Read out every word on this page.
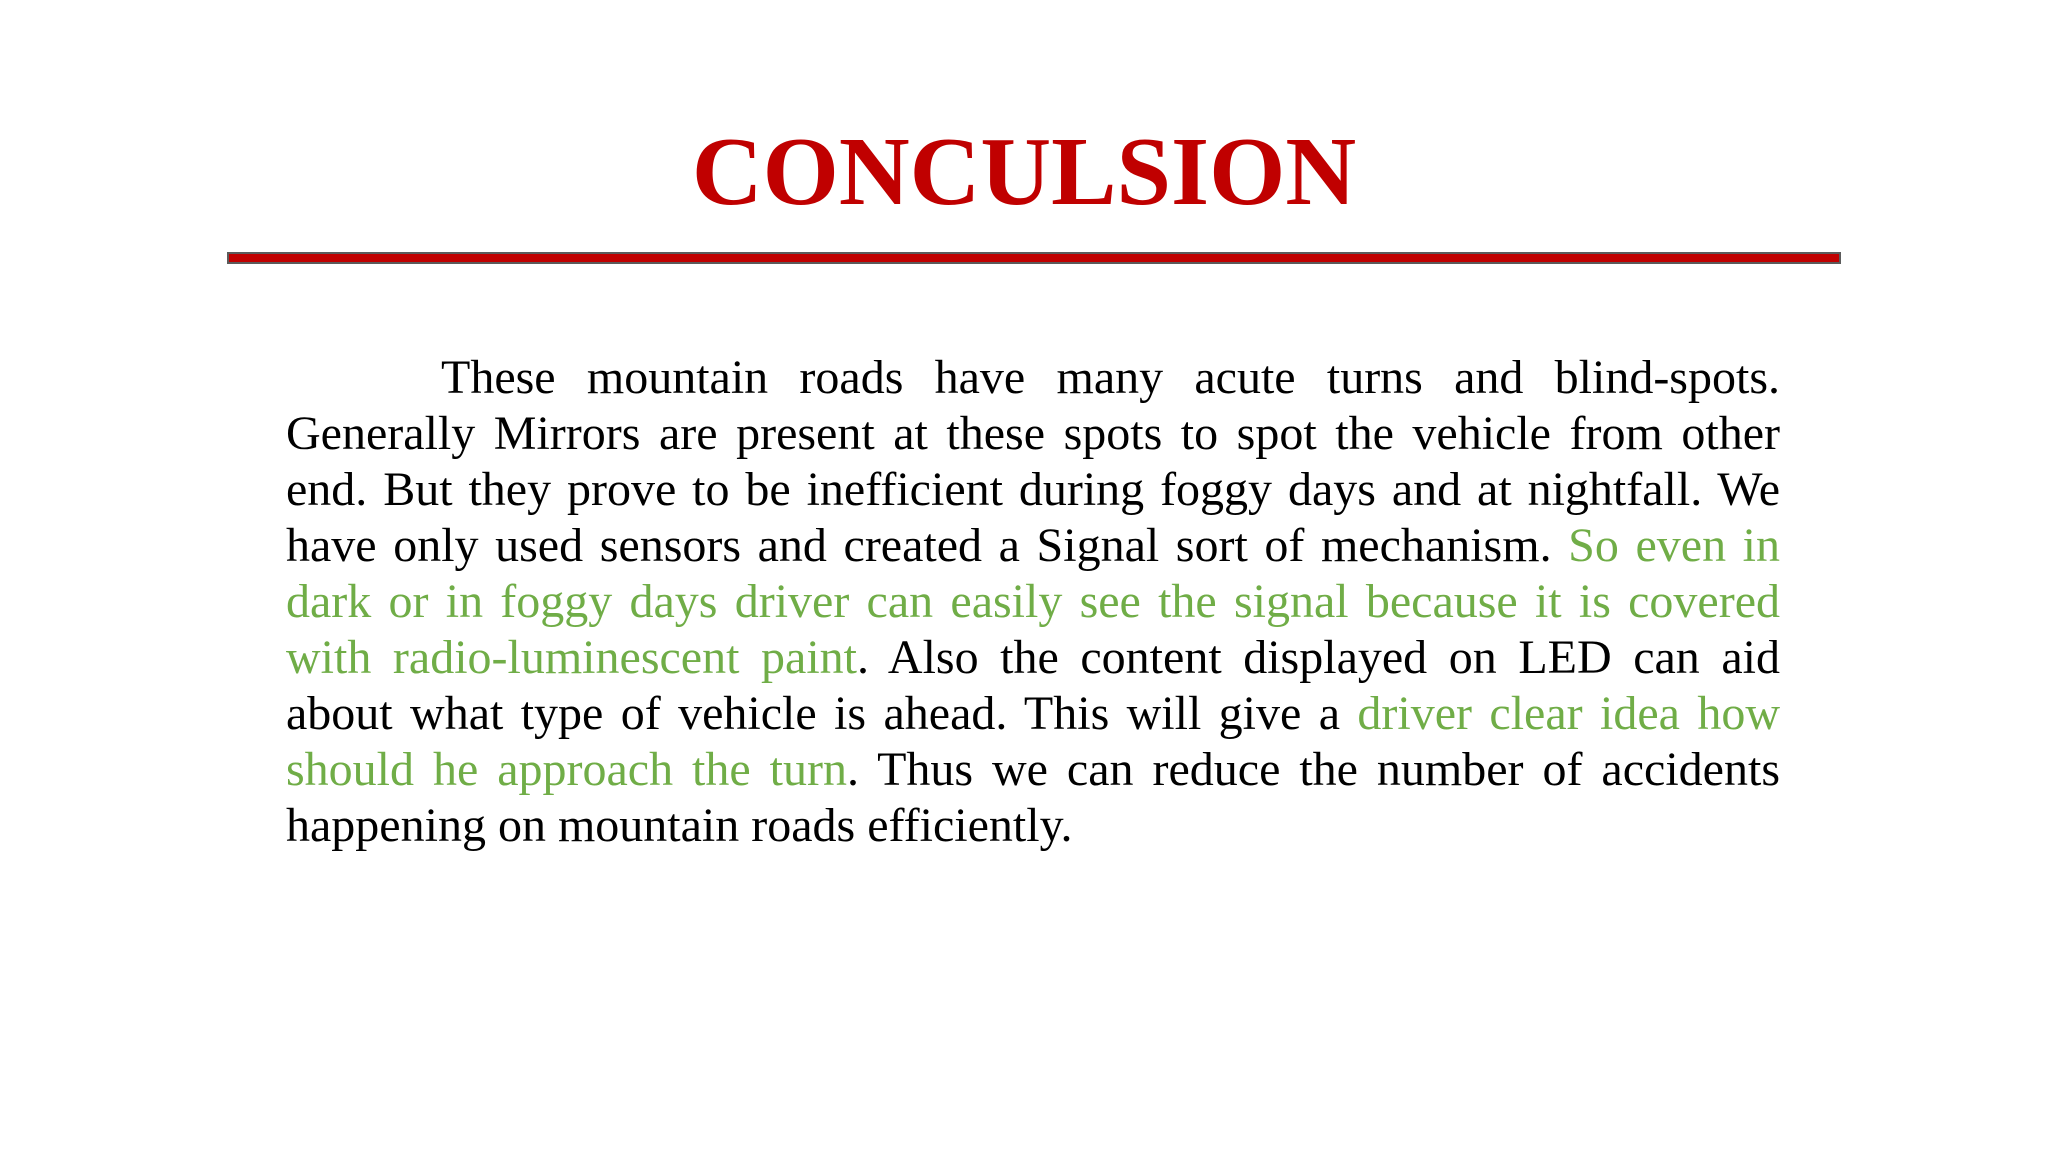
CONCULSION

These mountain roads have many acute turns and blind-spots. Generally Mirrors are present at these spots to spot the vehicle from other end. But they prove to be inefficient during foggy days and at nightfall. We have only used sensors and created a Signal sort of mechanism. So even in dark or in foggy days driver can easily see the signal because it is covered with radio-luminescent paint. Also the content displayed on LED can aid about what type of vehicle is ahead. This will give a driver clear idea how should he approach the turn. Thus we can reduce the number of accidents happening on mountain roads efficiently.
